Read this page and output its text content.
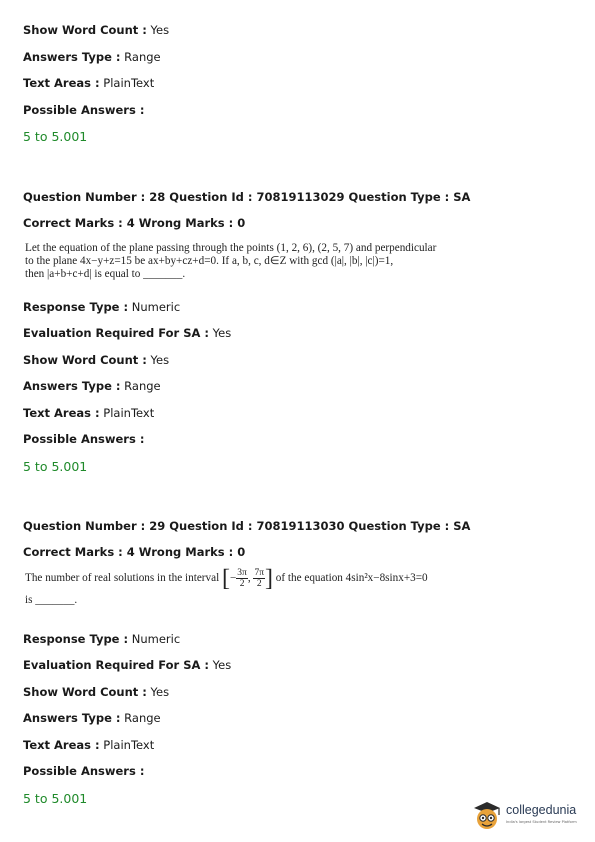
Show Word Count : Yes
Answers Type : Range
Text Areas : PlainText
Possible Answers :
5 to 5.001
Question Number : 28 Question Id : 70819113029 Question Type : SA
Correct Marks : 4 Wrong Marks : 0
Let the equation of the plane passing through the points (1, 2, 6), (2, 5, 7) and perpendicular
to the plane 4x−y+z=15 be ax+by+cz+d=0. If a, b, c, d∈Z with gcd (|a|, |b|, |c|)=1,
then |a+b+c+d| is equal to _______.
Response Type : Numeric
Evaluation Required For SA : Yes
Show Word Count : Yes
Answers Type : Range
Text Areas : PlainText
Possible Answers :
5 to 5.001
Question Number : 29 Question Id : 70819113030 Question Type : SA
Correct Marks : 4 Wrong Marks : 0
The number of real solutions in the interval [− $\frac{3\pi}{2}$ , $\frac{7\pi}{2}$ ] of the equation 4sin²x−8sinx+3=0
is _______.
Response Type : Numeric
Evaluation Required For SA : Yes
Show Word Count : Yes
Answers Type : Range
Text Areas : PlainText
Possible Answers :
5 to 5.001
collegedunia
India's largest Student Review Platform
